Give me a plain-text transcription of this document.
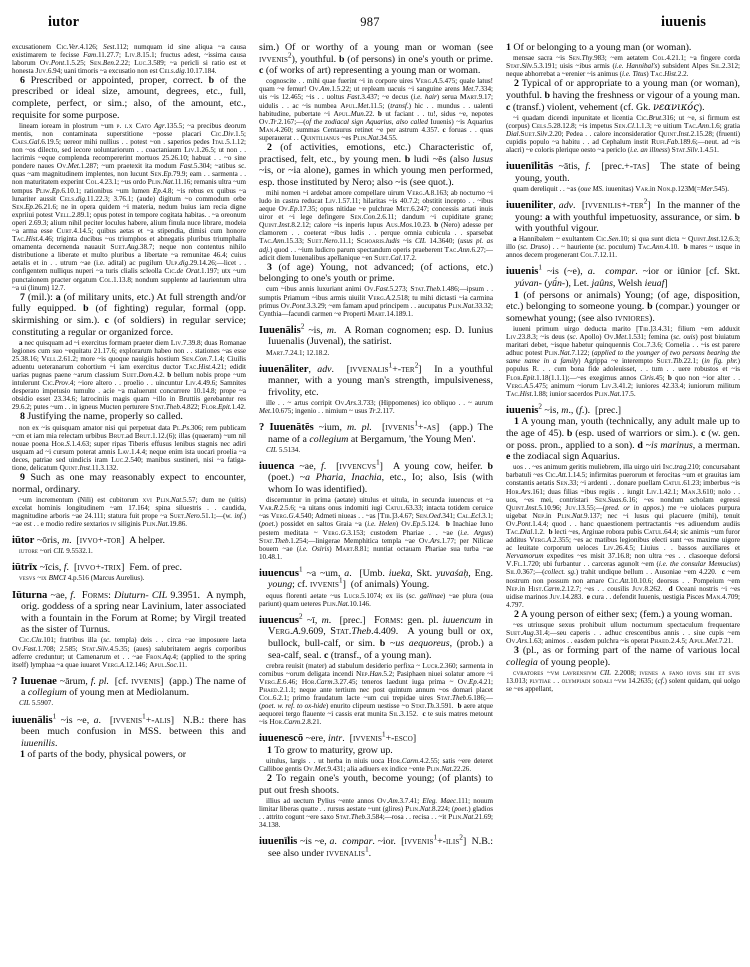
iutor	987	iuuenis

excusationem Cic.Ver.4.126; Sest.112; numquam id sine aliqua ~a causa existimarem te fecisse Fam.11.27.7; Liv.8.15.1; fructus adest, ~issima causa laborum Ov.Pont.1.5.25; Sen.Ben.2.22; Luc.3.589; ~a pericli si ratio est et honesta Juv.6.94; uani timoris ~a excusatio non est Cels.dig.10.17.184.

6 Prescribed or appointed, proper, correct. b of the prescribed or ideal size, amount, degrees, etc., full, complete, perfect, or sim.; also, of the amount, etc., requisite for some purpose.

lineam ioream in plostrum ~um p. i.x Cato Agr.135.5; ~a precibus deorum mentis, non contaminata superstitione ~posse placari Cic.Div.1.5; Caes.Gal.6.19.5; uereor mihi nullius . . potest ~on . saperios pedes Ital.5.1.12; non ~os dilecto, sed iecore uoluntariorum . . coactaniaum Liv.1.26.5; ut non . . lacrimis ~eque complenda recompererint mortuos 25.26.10; habuat . . ~o sine pondere naues Ov.Met.1.287; ~um praetexit ita modum Fast.5.304; ~atibus sc. quas ~am magnitudinem implentes, non lucunt Sen.Ep.79.9; eam . . sarmenta . . non maturitatem experint Col.4.23.1; ~us ordo Plin.Nat.11.16; remanis ultra ~um tempus Pliw.Ep.6.10.1; rationibus ~um lumen Ep.4.8; ~is rebus ex quibus ~a lunariter aussit Cels.dig.11.22.3; 3.76.1; (aude) digitum ~o commodum orbe Sen.Ep.26.21.6; ne in opera quidem ~i materia, nedum huius iam recia digne expriiui potest Vell.2.89.1; opus potest in tempore cogitata habitas. . ~a oreonum operi 2.69.3; alium nihil peciter loculus habere, alium finula nuce librare, modeia ~a arma esse Curt.4.14.5; quibus aetas et ~a stipendia, dimisi cum honore Tac.Hist.4.46; triginta ducibus ~os triumphos et abnegatis pluribus triumphalia ornamenta decernenda nauauit Suet.Aug.38.7; neque non contentus nihilo distributione a liberate et multo pluribus a libertate ~a remunitae 46.4; cuius aetalis et in . . utrum ~ae (i.e. adital) ac pugilum Ulp.dig.29.14.26;—licet . . configentem nulliqus nuperi ~a turis clialis scleolla Cic.de Orat.1.197; utx ~um punctaionem practer orgatum Col.1.13.8; nondum supplente ad laurientum ultra ~a ui (linum) 12.7.

7 (mil.): a (of military units, etc.) At full strength and/or fully equipped. b (of fighting) regular, formal (opp. skirmishing or sim.). c (of soldiers) in regular service; constituting a regular or organized force.

a nec quisquam ad ~i exercitus formam praeter diem Liv.7.39.8; duas Romanae legiones cum suo ~equitatu 21.17.6; explorarum habeo non . . stationes ~as esse 25.38.16; Vell.2.61.2; more ~is quoque nauigiis hostium Sen.Con.7.1.4; Ciuilis aduentu ueteranarum cohortium ~i iam exercitus ductor Tac.Hist.4.21; edidit uarias pugnas paene ~arum classium Suet.Dom.4.2. b bellum nobis prope ~um intulerunt Cic.Prov.4; ~iore altero . . proelio . . uincuntur Liv.4.49.6; Samnites desperato impetusio tumulte . acie ~a maluerunt concurrere 10.14.8; prope ~a obsidio esset 23.34.6; latrociniis magis quam ~illo in Bruttiis gerebantur res 29.6.2; putes ~um . . in igneus Mucten perturere Stat.Theb.4.822; Flor.Epit.1.42.

8 Justifying the name, properly so called.

non ex ~is quisquam amator nisi qui perpetuat data Pl.Ps.306; rem publicam ~cm et iam mia relectam urbibus Brut.ad Brut.1.12.(6); illas (quaeram) ~um nil nouae poena Hor.S.1.4.63; super ripas Tiberis effusus lenibus stagnis nec adiri usquam ad ~i cursum poterat amnis Lav.1.4.4; neque enim ista uocari proelia ~a deces, patriae sed uindicis iram Luc.2.540; manibus sustineri, nisi ~a fatiga- tione, delicatum Quint.Inst.11.3.132.

9 Such as one may reasonably expect to encounter, normal, ordinary.

~um incrementum (Nili) est cubitorum xvi Plin.Nat.5.57; dum ne (uitis) excelat hominis longitudinem ~am 17.164; spina siluestris . . caudida, magnitudine arboris ~ae 24.111; statura fuit prope ~a Suet.Nero.51.1;—(w. inf.) ~ae est . . e modio redire sextarios iv siliginis Plin.Nat.19.86.

iūtor ~ōris, m.  [ivvo+-tor]  A helper.

iutore ~ori CIL 9.5532.1.

iūtrīx ~īcis, f.  [ivvo+-trix]  Fem. of prec.

vesvs ~ix BMCI 4.p.516 (Marcus Aurelius).

Iūturna ~ae, f.  Forms: Diuturn- CIL 9.3951.  A nymph, orig. goddess of a spring near Lavinium, later associated with a fountain in the Forum at Rome; by Virgil treated as the sister of Turnus.

Cic.Clu.101; fratribus illa (sc. templa) deis . . circa ~ae imposuere laeta Ov.Fast.1.708; 2.585; Stat.Silv.4.5.35; (aues) salubritatem aegris corporibus adferre creduntur; ut Camenarum et . . ~ae Fron.Aq.4; (applied to the spring itself) lymphaa ~a quae iuuaret Verg.A.12.146; Apul.Soc.11.

? Iuuenae ~ārum, f. pl.  [cf. ivvenis]  (app.) The name of a collegium of young men at Mediolanum.

CIL 5.5907.

iuuenālis$^1$ ~is ~e, a.  [ivvenis$^1$+-alis]  N.B.: there has been much confusion in MSS. between this and iuuenilis.

1 of parts of the body, physical powers, or

sim.) Of or worthy of a young man or woman (see ivvenis$^2$), youthful. b (of persons) in one's youth or prime. c (of works of art) representing a young man or woman.

cognoscite . . mihi quae fuerint ~i in corpore uires Verg.A.5.475; quale latus! quam ~e femur! Ov.Am.1.5.22; ut repleam uacuis ~i sanguine arens Met.7.334; uis ~is 12.465; ~is . . uoltus Fast.3.437; ~e decus (i.e. hair) serua Mart.9.17; uidulis . . ac ~is numbea Apul.Met.11.5; (transf.) hic . . mundus . . ualenti habitudine, pubertate ~i Apul.Mun.22. b ut faciant . . tu!, sidus ~e, nepotes Ov.Tr.2.167;—(of the zodiacal sign Aquarius, also called Iuuenis) ~is Aquarius Man.4.260; summas Centaurus retinet ~e per astrum 4.357. c foruas . . quas superauerat . . Quintilianus ~es Plin.Nat.34.55.

2 (of activities, emotions, etc.) Characteristic of, practised, felt, etc., by young men. b ludi ~ēs (also lusus ~is, or ~ia alone), games in which young men performed, esp. those instituted by Nero; also ~is (see quot.).

mihi nomen ~i ardebat amore compellare uirum Verg.A.8.163; ab nocturno ~i ludo in castra reducat Liv.1.57.11; hilaritas ~is 40.7.2; obstitit incepto . . ~ibus aeque Ov.Ep.17.35; opus nitidae ~e pulchrae Met.6.247; concessis artati inuis uiror et ~i lege defingere Sen.Con.2.6.11; dandum ~i cupiditate grane; Quint.Inst.8.2.12; calore ~is inperis lupus Aus.Mos.10.23. b (Nero) adesse per clamorem . . coeterat ~ibus ludis . . perque omnia cubicula . . sparsebat Tac.Ann.15.33; Suet.Nero.11.1; Schoaris.ludis ~is CIL 14.3640; (usus pl. as adj.) quod . . ~ium ludicro parum spectandum operis praeberent Tac.Ann.6.27;—adicit diem Iuuenalibus apellanique ~en Suet.Cal.17.2.

3 (of age) Young, not advanced; (of actions, etc.) belonging to one's youth or prime.

cum ~ibus annis luxuriant animi Ov.Fast.5.273; Stat.Theb.1.486;—ipsum . . sumptis Priamum ~ibus armis uiuilit Verg.A.2.518; tu mihi dictasti ~ia carmina primus Ov.Pont.3.3.29; ~em famam apud principem . . aucupatus Plin.Nat.33.32; Cynthia—facundi carmen ~e Properti Mart.14.189.1.

Iuuenālis$^2$ ~is, m.  A Roman cognomen; esp. D. Iunius Iuuenalis (Juvenal), the satirist.

Mart.7.24.1; 12.18.2.

iuuenāliter, adv.  [ivvenalis$^1$+-ter$^2$]  In a youthful manner, with a young man's strength, impulsiveness, frivolity, etc.

ille . . ~ artus corripit Ov.Ars.3.733; (Hippomenes) ico obliquo . . ~ aurum Met.10.675; ingenio . . nimium ~ usus Tr.2.117.

? Iuuenātēs ~ium, m. pl.  [ivvenis$^1$+-as]  (app.) The name of a collegium at Bergamum, 'the Young Men'.

CIL 5.5134.

iuuenca ~ae, f.  [ivvencvs$^1$]  A young cow, heifer. b (poet.) ~a Pharia, Inachia, etc., Io; also, Isis (with whom Io was identified).

discernuntur in prima (aetate) uitulus et uitula, in secunda iuuencus et ~a Var.R.2.5.6; ~a uitans onus indomiti iugi Catul.63.33; intacta totidem ceruice ~as Verg.G.4.540; Admeti niueas . . ~as [Tib.]3.4.67; Sen.Oed.341; Cal.Ecl.3.1; (poet.) possidet en saltos Graia ~a (i.e. Helen) Ov.Ep.5.124.  b Inachiae Iuno pestem meditata ~ Verg.G.3.153; custodem Phariae . . ~ae (i.e. Argus) Stat.Theb.1.254;—linigerae Memphitica templa ~ae Ov.Ars.1.77; per Nilicae bouem ~ae (i.e. Osiris) Mart.8.81; nuntiat octauam Phariae sua turba ~ae 10.48.1.

iuuencus$^1$ ~a ~um, a.  [Umb. iueka, Skt. yuvaśaḥ, Eng. young; cf. ivvenis$^1$]  (of animals) Young.

equus florenti aetate ~us Lucr.5.1074; ex iis (sc. gallinae) ~ae plura (oua pariunt) quam ueteres Plin.Nat.10.146.

iuuencus$^2$ ~ī, m.  [prec.]  Forms: gen. pl. iuuencum in Verg.A.9.609, Stat.Theb.4.409.  A young bull or ox, bullock, bull-calf, or sim. b ~us aequoreus, (prob.) a sea-calf, seal. c (transf., of a young man).

crebra reuisit (mater) ad stabulum desiderio perfixa ~ Lucr.2.360; sarmenta in cornibus ~orum deligata incendi Nep.Han.5.2; Pasiphaen niuei solatur amore ~i Verg.E.6.46; Hor.Carm.3.27.45; teneros laedunt iuga prima ~ Ov.Ep.4.21; Phaed.2.1.1; neque ante tertium nec post quintum annum ~os domari placet Col.6.2.1; primo fraudatum lacte ~um cui trepidae uires Stat.Theb.6.186;—(poet. w. ref. to ox-hide) enurito clipeum uestisse ~o Stat.Th.3.591.  b aere atque aequorei tergo flauente ~i cassis erat munita Sil.3.152.  c te suis matres metount ~is Hor.Carm.2.8.21.

iuuenescō ~ere, intr.  [ivvenis$^1$+-esco]

1 To grow to maturity, grow up.

uitulus, largis . . ut herba in niuis uoca Hor.Carm.4.2.55; satis ~ere deteret Calliboe gentis Ov.Met.9.431; alia adiuers ex indice ~ente Plin.Nat.22.26.

2 To regain one's youth, become young; (of plants) to put out fresh shoots.

illius ad uectum Pylius ~ente annos Ov.Am.3.7.41; Eleg. Maec.111; nouum limitar liberas quatte . . rursus aestate ~unt (glires) Plin.Nat.8.224; (poet.) gladios . . attrito cogunt ~ere saxo Stat.Theb.3.584;—rosa . . recisa . . ~it Plin.Nat.21.69; 34.138.

iuuenīlis ~is ~e, a.  compar. ~ior.  [ivvenis$^1$+-ilis$^2$]  N.B.: see also under ivvenalis$^1$.

1 Of or belonging to a young man (or woman).

mensae sacra ~is Sen.Thy.983; ~em aetatem Col.4.21.1; ~a fingere corda Stat.Silv.5.3.191; uisis ~ibus armis (i.e. Hannibal's) subsident Alpes Sil.2.312; neque abhorrebat a ~erenier ~is animus (i.e. Titus) Tac.Hist.2.2.

2 Typical of or appropriate to a young man (or woman), youthful. b having the freshness or vigour of a young man. c (transf.) violent, vehement (cf. Gk. νεανικός).

~i quadam dicendi inpunitate et licentia Cic.Brut.316; ut ~e, si firmum est (corpus) Cels.5.28.12.8; ~is impetus Sen.Cl.1.1.3; ~e uitium Tac.Ann.1.6; gratia Dial.Suet.Silv.2.20; Pedea . . calore inconsideratior Quint.Inst.2.15.28; (fruenti) cupidis populo ~a habitu . . ad Cephalum instit Rufi.Fab.189.6;—neut. ad ~is alacri) ~e coloris plerique oesto ~a periclo (i.e. an illness) Stat.Silv.1.4.51.

iuuenīlitās ~ātis, f.  [prec.+-tas]  The state of being young, youth.

quam dereliquit . . ~as (oue MS. iuuenitas) Var.in Non.p.123M(=Mer.545).

iuueniliter, adv.  [ivvenilis+-ter$^2$]  In the manner of the young: a with youthful impetuosity, assurance, or sim. b with youthful vigour.

a Hannibalem ~ exultantem Cic.Sen.10; si qua sunt dicta ~ Quint.Inst.12.6.3; illo (sc. Druso) . . ~ hauriente (sc. poculum) Tac.Ann.4.10.  b mares ~ usque in annos decem progenerant Col.7.12.11.

iuuenis$^1$ ~is (~e), a.  compar. ~ior or iūnior [cf. Skt. yúvan- (yū́n-), Let. jaûns, Welsh ieuaf]

1 (of persons or animals) Young; (of age, disposition, etc.) belonging to someone young. b (compar.) younger or somewhat young; (see also ivniores).

iuueni primum uirgo deducta marito [Tib.]3.4.31; filium ~em adduxit Liv.23.8.3; ~is deus (sc. Apollo) Ov.Met.1.531; femina (sc. ouis) post biuiatum maritari debet, ~isque habetur quinquennis Col.7.3.6; Cornelia . . ~is est parere adhuc potest Plin.Nat.7.122; (applied to the younger of two persons bearing the same name in a family) Agrippa ~e interempto Suet.Tib.22.1; (in fig. phr.) populus R. . . cum bona fide adoleuisset, . . tum . . uere robustos et ~is Flor.Epit.1.18(1.1.1);—~es exegimus annos Ciris.45; b quo non ~ior alter . . Verg.A.5.475; animum ~iorum Liv.3.41.2; iuniores 42.33.4; iuniorum militum Tac.Hist.1.88; iunior sacerdos Plin.Nat.17.5.

iuuenis$^2$ ~is, m., (f.).  [prec.]

1 A young man, youth (technically, any adult male up to the age of 45). b (esp. used of warriors or sim.). c (w. gen. or poss. pron., applied to a son). d ~is marinus, a merman. e the zodiacal sign Aquarius.

uos . . ~es animum geritis muliebrem, illa uirgo uiri Inc.trag.210; concursabant barbatuli ~es Cic.Att.1.14.5; infirmitas puerorum et ferocitas ~um et grauitas iam constantis aetatis Sen.33; ~i ardenti . . donare puellam Catul.61.23; imberbus ~is Hor.Ars.161; duas filias ~ibus regiis . . iungit Liv.1.42.1; Man.3.610; nolo . . uos, ~es mei, contristari Sen.Suas.6.16; ~es nondum scholam egressi Quint.Inst.5.10.96; Juv.13.55;—(pred. or in appos.) me ~e uiolaces purpura uigebat Nep.in Plin.Nat.9.137; nec ~i lusus qui placuere (mihi), tenuit Ov.Pont.1.4.4; quod . . hanc quaestionem pertractantis ~es adiuendum audiis Tac.Dial.1.2.  b lecti ~es, Argiuae robora pubis Catul.64.4; sic animis ~um furor additus Verg.A.2.355; ~es ac matibus legionibus electi sunt ~es maxime uigore ac leuitate corporum ueloces Liv.26.4.5; Liuius . . bassos auxiliares et Nervamorum expedites ~es misit 37.16.8; non ultra ~es . . clasoeque deforsi V.Fl.1.720; ubi furbantur . . carceras agunolt ~em (i.e. the consular Memucius) Sil.0.367;—(collect. sg.) trahit undique bellum . . Ausoniae ~em 4.220.  c ~em nostrum non possum non amare Cic.Att.10.10.6; deorsus . . Pompeium ~em Nep.in Hist.Carm.2.12.7; ~es . . cousilis Juv.8.262.  d Oceani nostris ~i ~es uidise marinos Juv.14.283.  e cura . . defendit Iuuenis, uestigia Pisces Man.4.709; 4.797.

2 A young person of either sex; (fem.) a young woman.

~es utriusque sexus prohibuit ullum nocturnum spectaculum frequentare Suet.Aug.31.4;—seu caperis . . adhuc crescentibus annis . . siue cupis ~em Ov.Ars.1.63; animos . . easdem pulchra ~is operat Phaed.2.4.5; Apul.Met.7.21.

3 (pl., as or forming part of the name of various local collegia of young people).

cvratores ~vm lavrensivm CIL 2.2008; ivenes a fano iovis sibi et svis 13.013; plvtiae . . olympiadi sodali ~vm 14.2635; (cf.) solent quidam, qui uolgo se ~es appellant,
